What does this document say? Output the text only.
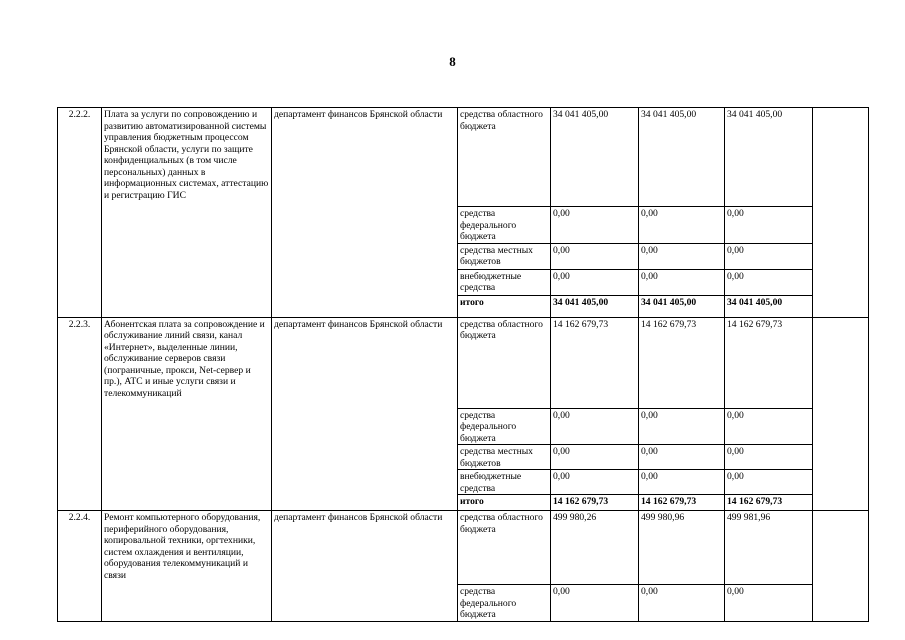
8
2.2.2.	Плата за услуги по сопровождению и развитию автоматизированной системы управления бюджетным процессом Брянской области, услуги по защите конфиденциальных (в том числе персональных) данных в информационных системах, аттестацию и регистрацию ГИС	департамент финансов Брянской области	средства областного бюджета	34 041 405,00	34 041 405,00	34 041 405,00	
			средства федерального бюджета	0,00	0,00	0,00	
			средства местных бюджетов	0,00	0,00	0,00	
			внебюджетные средства	0,00	0,00	0,00	
			итого	34 041 405,00	34 041 405,00	34 041 405,00	
2.2.3.	Абонентская плата за сопровождение и обслуживание линий связи, канал «Интернет», выделенные линии, обслуживание серверов связи (пограничные, прокси, Net-сервер и пр.), АТС и иные услуги связи и телекоммуникаций	департамент финансов Брянской области	средства областного бюджета	14 162 679,73	14 162 679,73	14 162 679,73	
			средства федерального бюджета	0,00	0,00	0,00	
			средства местных бюджетов	0,00	0,00	0,00	
			внебюджетные средства	0,00	0,00	0,00	
			итого	14 162 679,73	14 162 679,73	14 162 679,73	
2.2.4.	Ремонт компьютерного оборудования, периферийного оборудования, копировальной техники, оргтехники, систем охлаждения и вентиляции, оборудования телекоммуникаций и связи	департамент финансов Брянской области	средства областного бюджета	499 980,26	499 980,96	499 981,96	
			средства федерального бюджета	0,00	0,00	0,00	
